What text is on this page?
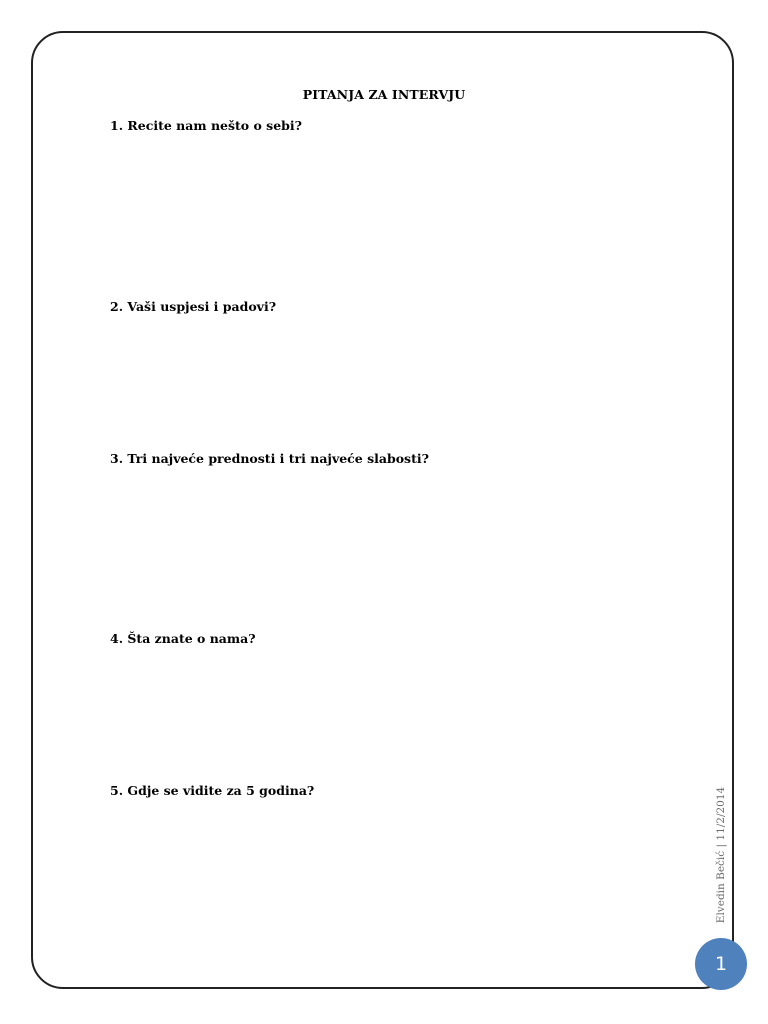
PITANJA ZA INTERVJU
1. Recite nam nešto o sebi?
2. Vaši uspjesi i padovi?
3. Tri najveće prednosti i tri najveće slabosti?
4. Šta znate o nama?
5. Gdje se vidite za 5 godina?	Elvedin Bečić | 11/2/2014
1
